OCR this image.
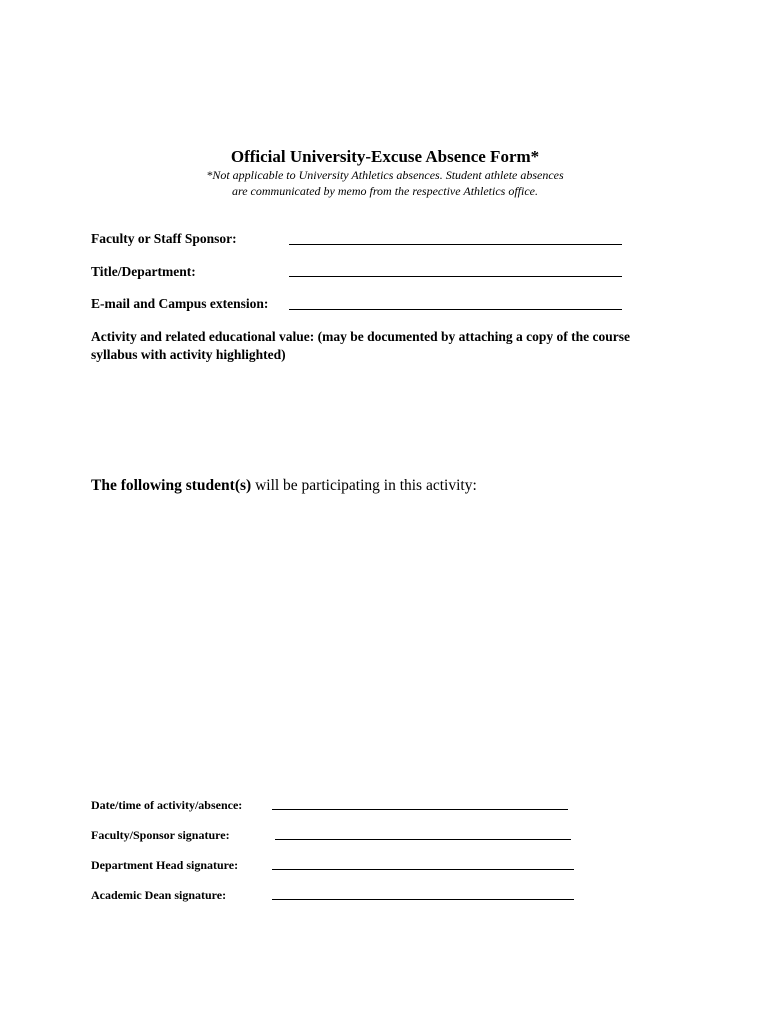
Official University-Excuse Absence Form*

*Not applicable to University Athletics absences. Student athlete absences

are communicated by memo from the respective Athletics office.

Faculty or Staff Sponsor:
Title/Department:
E-mail and Campus extension:

Activity and related educational value: (may be documented by attaching a copy of the course syllabus with activity highlighted)

The following student(s) will be participating in this activity:
Date/time of activity/absence:
Faculty/Sponsor signature:
Department Head signature:
Academic Dean signature:
